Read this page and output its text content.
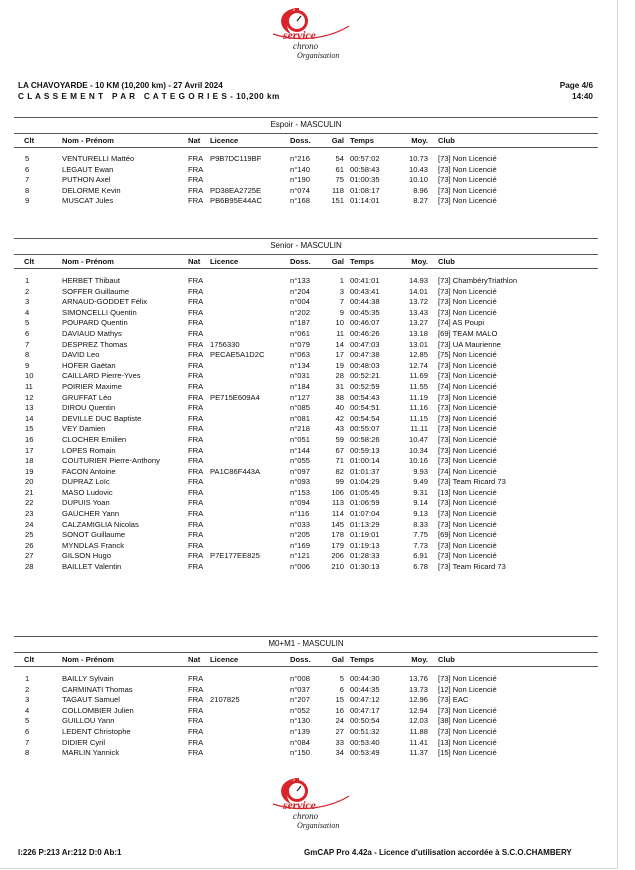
service
chrono
Organisation
LA CHAVOYARDE - 10 KM (10,200 km) - 27 Avril 2024
C L A S S E M E N T   P A R   C A T E G O R I E S - 10,200 km
Page 4/6
14:40
Espoir - MASCULIN
Clt	Nom - Prénom	Nat Licence	Doss.	Gal Temps	Moy. Club
5	VENTURELLI Mattéo	FRA P9B7DC119BF	n°216	54 00:57:02	10.73 [73] Non Licencié
6	LEGAUT Ewan	FRA	n°140	61 00:58:43	10.43 [73] Non Licencié
7	PUTHON Axel	FRA	n°190	75 01:00:35	10.10 [73] Non Licencié
8	DELORME Kevin	FRA PD38EA2725E	n°074	118 01:08:17	8.96 [73] Non Licencié
9	MUSCAT Jules	FRA PB6B95E44AC	n°168	151 01:14:01	8.27 [73] Non Licencié
Senior - MASCULIN
Clt	Nom - Prénom	Nat Licence	Doss.	Gal Temps	Moy. Club
1	HERBET Thibaut	FRA	n°133	1 00:41:01	14.93 [73] ChambéryTriathlon
2	SOFFER Guillaume	FRA	n°204	3 00:43:41	14.01 [73] Non Licencié
3	ARNAUD-GODDET Félix	FRA	n°004	7 00:44:38	13.72 [73] Non Licencié
4	SIMONCELLI Quentin	FRA	n°202	9 00:45:35	13.43 [73] Non Licencié
5	POUPARD Quentin	FRA	n°187	10 00:46:07	13.27 [74] AS Poupi
6	DAVIAUD Mathys	FRA	n°061	11 00:46:26	13.18 [69] TEAM MALO
7	DESPREZ Thomas	FRA 1756330	n°079	14 00:47:03	13.01 [73] UA Maurienne
8	DAVID Leo	FRA PECAE5A1D2C	n°063	17 00:47:38	12.85 [75] Non Licencié
9	HOFER Gaëtan	FRA	n°134	19 00:48:03	12.74 [73] Non Licencié
10	CAILLARD Pierre-Yves	FRA	n°031	28 00:52:21	11.69 [73] Non Licencié
11	POIRIER Maxime	FRA	n°184	31 00:52:59	11.55 [74] Non Licencié
12	GRUFFAT Léo	FRA PE715E609A4	n°127	38 00:54:43	11.19 [73] Non Licencié
13	DIROU Quentin	FRA	n°085	40 00:54:51	11.16 [73] Non Licencié
14	DEVILLE DUC Baptiste	FRA	n°081	42 00:54:54	11.15 [73] Non Licencié
15	VEY Damien	FRA	n°218	43 00:55:07	11.11 [73] Non Licencié
16	CLOCHER Emilien	FRA	n°051	59 00:58:26	10.47 [73] Non Licencié
17	LOPES Romain	FRA	n°144	67 00:59:13	10.34 [73] Non Licencié
18	COUTURIER Pierre-Anthony	FRA	n°055	71 01:00:14	10.16 [73] Non Licencié
19	FACON Antoine	FRA PA1C86F443A	n°097	82 01:01:37	9.93 [74] Non Licencié
20	DUPRAZ Loïc	FRA	n°093	99 01:04:29	9.49 [73] Team Ricard 73
21	MASO Ludovic	FRA	n°153	106 01:05:45	9.31 [13] Non Licencié
22	DUPUIS Yoan	FRA	n°094	113 01:06:59	9.14 [73] Non Licencié
23	GAUCHER Yann	FRA	n°116	114 01:07:04	9.13 [73] Non Licencié
24	CALZAMIGLIA Nicolas	FRA	n°033	145 01:13:29	8.33 [73] Non Licencié
25	SONOT Guillaume	FRA	n°205	178 01:19:01	7.75 [69] Non Licencié
26	MYNDLAS Franck	FRA	n°169	179 01:19:13	7.73 [73] Non Licencié
27	GILSON Hugo	FRA P7E177EE825	n°121	206 01:28:33	6.91 [73] Non Licencié
28	BAILLET Valentin	FRA	n°006	210 01:30:13	6.78 [73] Team Ricard 73
M0+M1 - MASCULIN
Clt	Nom - Prénom	Nat Licence	Doss.	Gal Temps	Moy. Club
1	BAILLY Sylvain	FRA	n°008	5 00:44:30	13.76 [73] Non Licencié
2	CARMINATI Thomas	FRA	n°037	6 00:44:35	13.73 [12] Non Licencié
3	TAGAUT Samuel	FRA 2107825	n°207	15 00:47:12	12.96 [73] EAC
4	COLLOMBIER Julien	FRA	n°052	16 00:47:17	12.94 [73] Non Licencié
5	GUILLOU Yann	FRA	n°130	24 00:50:54	12.03 [38] Non Licencié
6	LEDENT Christophe	FRA	n°139	27 00:51:32	11.88 [73] Non Licencié
7	DIDIER Cyril	FRA	n°084	33 00:53:40	11.41 [13] Non Licencié
8	MARLIN Yannick	FRA	n°150	34 00:53:49	11.37 [15] Non Licencié
service
chrono
Organisation
I:226 P:213 Ar:212 D:0 Ab:1	GmCAP Pro 4.42a - Licence d'utilisation accordée à S.C.O.CHAMBERY
